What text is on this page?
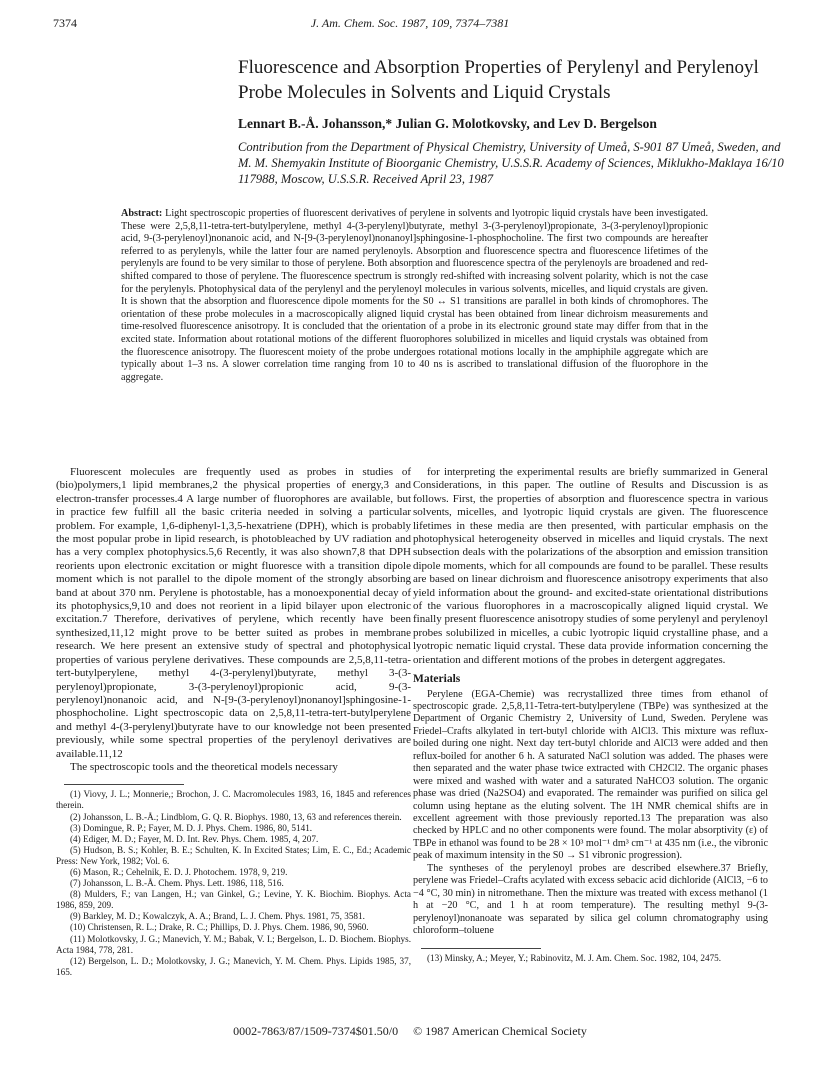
7374	J. Am. Chem. Soc. 1987, 109, 7374–7381
Fluorescence and Absorption Properties of Perylenyl and Perylenoyl Probe Molecules in Solvents and Liquid Crystals
Lennart B.-Å. Johansson,* Julian G. Molotkovsky, and Lev D. Bergelson
Contribution from the Department of Physical Chemistry, University of Umeå, S-901 87 Umeå, Sweden, and M. M. Shemyakin Institute of Bioorganic Chemistry, U.S.S.R. Academy of Sciences, Miklukho-Maklaya 16/10 117988, Moscow, U.S.S.R. Received April 23, 1987
Abstract: Light spectroscopic properties of fluorescent derivatives of perylene in solvents and lyotropic liquid crystals have been investigated. These were 2,5,8,11-tetra-tert-butylperylene, methyl 4-(3-perylenyl)butyrate, methyl 3-(3-perylenoyl)propionate, 3-(3-perylenoyl)propionic acid, 9-(3-perylenoyl)nonanoic acid, and N-[9-(3-perylenoyl)nonanoyl]sphingosine-1-phosphocholine. The first two compounds are hereafter referred to as perylenyls, while the latter four are named perylenoyls. Absorption and fluorescence spectra and fluorescence lifetimes of the perylenyls are found to be very similar to those of perylene. Both absorption and fluorescence spectra of the perylenoyls are broadened and red-shifted compared to those of perylene. The fluorescence spectrum is strongly red-shifted with increasing solvent polarity, which is not the case for the perylenyls. Photophysical data of the perylenyl and the perylenoyl molecules in various solvents, micelles, and liquid crystals are given. It is shown that the absorption and fluorescence dipole moments for the S0 ↔ S1 transitions are parallel in both kinds of chromophores. The orientation of these probe molecules in a macroscopically aligned liquid crystal has been obtained from linear dichroism measurements and time-resolved fluorescence anisotropy. It is concluded that the orientation of a probe in its electronic ground state may differ from that in the excited state. Information about rotational motions of the different fluorophores solubilized in micelles and liquid crystals was obtained from the fluorescence anisotropy. The fluorescent moiety of the probe undergoes rotational motions locally in the amphiphile aggregate which are typically about 1–3 ns. A slower correlation time ranging from 10 to 40 ns is ascribed to translational diffusion of the fluorophore in the aggregate.

Fluorescent molecules are frequently used as probes in studies of (bio)polymers,1 lipid membranes,2 the physical properties of energy,3 and electron-transfer processes.4 A large number of fluorophores are available, but in practice few fulfill all the basic criteria needed in solving a particular problem. For example, 1,6-diphenyl-1,3,5-hexatriene (DPH), which is probably the most popular probe in lipid research, is photobleached by UV radiation and has a very complex photophysics.5,6 Recently, it was also shown7,8 that DPH reorients upon electronic excitation or might fluoresce with a transition dipole moment which is not parallel to the dipole moment of the strongly absorbing band at about 370 nm. Perylene is photostable, has a monoexponential decay of its photophysics,9,10 and does not reorient in a lipid bilayer upon electronic excitation.7 Therefore, derivatives of perylene, which recently have been synthesized,11,12 might prove to be better suited as probes in membrane research. We here present an extensive study of spectral and photophysical properties of various perylene derivatives. These compounds are 2,5,8,11-tetra-tert-butylperylene, methyl 4-(3-perylenyl)butyrate, methyl 3-(3-perylenoyl)propionate, 3-(3-perylenoyl)propionic acid, 9-(3-perylenoyl)nonanoic acid, and N-[9-(3-perylenoyl)nonanoyl]sphingosine-1-phosphocholine. Light spectroscopic data on 2,5,8,11-tetra-tert-butylperylene and methyl 4-(3-perylenyl)butyrate have to our knowledge not been presented previously, while some spectral properties of the perylenoyl derivatives are available.11,12

The spectroscopic tools and the theoretical models necessary

(1) Viovy, J. L.; Monnerie,; Brochon, J. C. Macromolecules 1983, 16, 1845 and references therein.

(2) Johansson, L. B.-Å.; Lindblom, G. Q. R. Biophys. 1980, 13, 63 and references therein.

(3) Domingue, R. P.; Fayer, M. D. J. Phys. Chem. 1986, 80, 5141.

(4) Ediger, M. D.; Fayer, M. D. Int. Rev. Phys. Chem. 1985, 4, 207.

(5) Hudson, B. S.; Kohler, B. E.; Schulten, K. In Excited States; Lim, E. C., Ed.; Academic Press: New York, 1982; Vol. 6.

(6) Mason, R.; Cehelnik, E. D. J. Photochem. 1978, 9, 219.

(7) Johansson, L. B.-Å. Chem. Phys. Lett. 1986, 118, 516.

(8) Mulders, F.; van Langen, H.; van Ginkel, G.; Levine, Y. K. Biochim. Biophys. Acta 1986, 859, 209.

(9) Barkley, M. D.; Kowalczyk, A. A.; Brand, L. J. Chem. Phys. 1981, 75, 3581.

(10) Christensen, R. L.; Drake, R. C.; Phillips, D. J. Phys. Chem. 1986, 90, 5960.

(11) Molotkovsky, J. G.; Manevich, Y. M.; Babak, V. I.; Bergelson, L. D. Biochem. Biophys. Acta 1984, 778, 281.

(12) Bergelson, L. D.; Molotkovsky, J. G.; Manevich, Y. M. Chem. Phys. Lipids 1985, 37, 165.

for interpreting the experimental results are briefly summarized in General Considerations, in this paper. The outline of Results and Discussion is as follows. First, the properties of absorption and fluorescence spectra in various solvents, micelles, and lyotropic liquid crystals are given. The fluorescence lifetimes in these media are then presented, with particular emphasis on the photophysical heterogeneity observed in micelles and liquid crystals. The next subsection deals with the polarizations of the absorption and emission transition dipole moments, which for all compounds are found to be parallel. These results are based on linear dichroism and fluorescence anisotropy experiments that also yield information about the ground- and excited-state orientational distributions of the various fluorophores in a macroscopically aligned liquid crystal. We finally present fluorescence anisotropy studies of some perylenyl and perylenoyl probes solubilized in micelles, a cubic lyotropic liquid crystalline phase, and a lyotropic nematic liquid crystal. These data provide information concerning the orientation and different motions of the probes in detergent aggregates.

Materials

Perylene (EGA-Chemie) was recrystallized three times from ethanol of spectroscopic grade. 2,5,8,11-Tetra-tert-butylperylene (TBPe) was synthesized at the Department of Organic Chemistry 2, University of Lund, Sweden. Perylene was Friedel–Crafts alkylated in tert-butyl chloride with AlCl3. This mixture was reflux-boiled during one night. Next day tert-butyl chloride and AlCl3 were added and then reflux-boiled for another 6 h. A saturated NaCl solution was added. The phases were then separated and the water phase twice extracted with CH2Cl2. The organic phases were mixed and washed with water and a saturated NaHCO3 solution. The organic phase was dried (Na2SO4) and evaporated. The remainder was purified on silica gel column using heptane as the eluting solvent. The 1H NMR chemical shifts are in excellent agreement with those previously reported.13 The preparation was also checked by HPLC and no other components were found. The molar absorptivity (ε) of TBPe in ethanol was found to be 28 × 10³ mol⁻¹ dm³ cm⁻¹ at 435 nm (i.e., the vibronic peak of maximum intensity in the S0 → S1 vibronic progression).

The syntheses of the perylenoyl probes are described elsewhere.37 Briefly, perylene was Friedel–Crafts acylated with excess sebacic acid dichloride (AlCl3, −6 to −4 °C, 30 min) in nitromethane. Then the mixture was treated with excess methanol (1 h at −20 °C, and 1 h at room temperature). The resulting methyl 9-(3-perylenoyl)nonanoate was separated by silica gel column chromatography using chloroform–toluene

(13) Minsky, A.; Meyer, Y.; Rabinovitz, M. J. Am. Chem. Soc. 1982, 104, 2475.

0002-7863/87/1509-7374$01.50/0 © 1987 American Chemical Society
